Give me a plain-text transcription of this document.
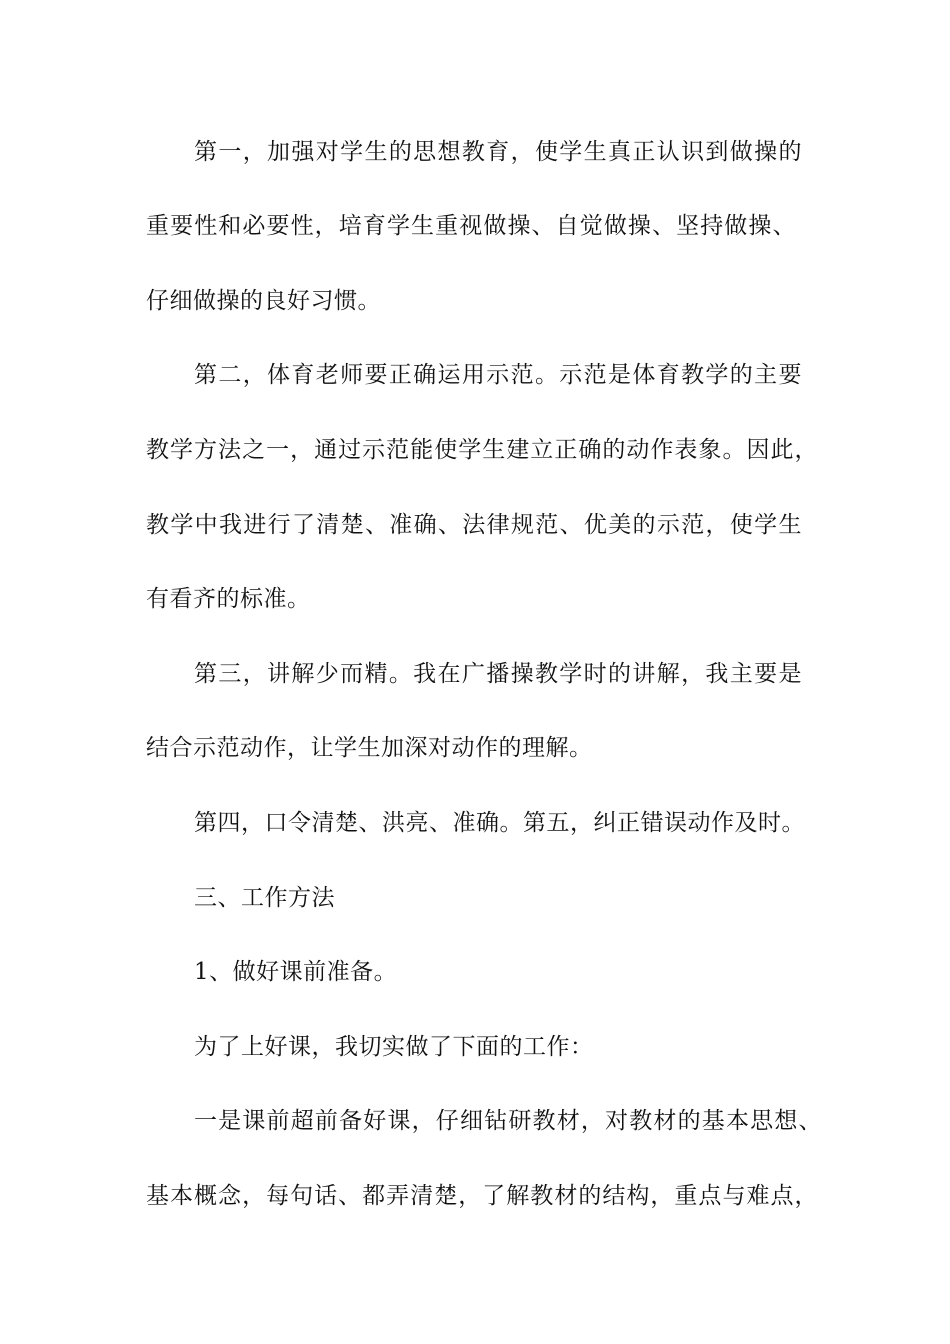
第一，加强对学生的思想教育，使学生真正认识到做操的
重要性和必要性，培育学生重视做操、自觉做操、坚持做操、
仔细做操的良好习惯。
第二，体育老师要正确运用示范。示范是体育教学的主要
教学方法之一，通过示范能使学生建立正确的动作表象。因此，
教学中我进行了清楚、准确、法律规范、优美的示范，使学生
有看齐的标准。
第三，讲解少而精。我在广播操教学时的讲解，我主要是
结合示范动作，让学生加深对动作的理解。
第四，口令清楚、洪亮、准确。第五，纠正错误动作及时。
三、工作方法
1、做好课前准备。
为了上好课，我切实做了下面的工作：
一是课前超前备好课，仔细钻研教材，对教材的基本思想、
基本概念，每句话、都弄清楚，了解教材的结构，重点与难点，
